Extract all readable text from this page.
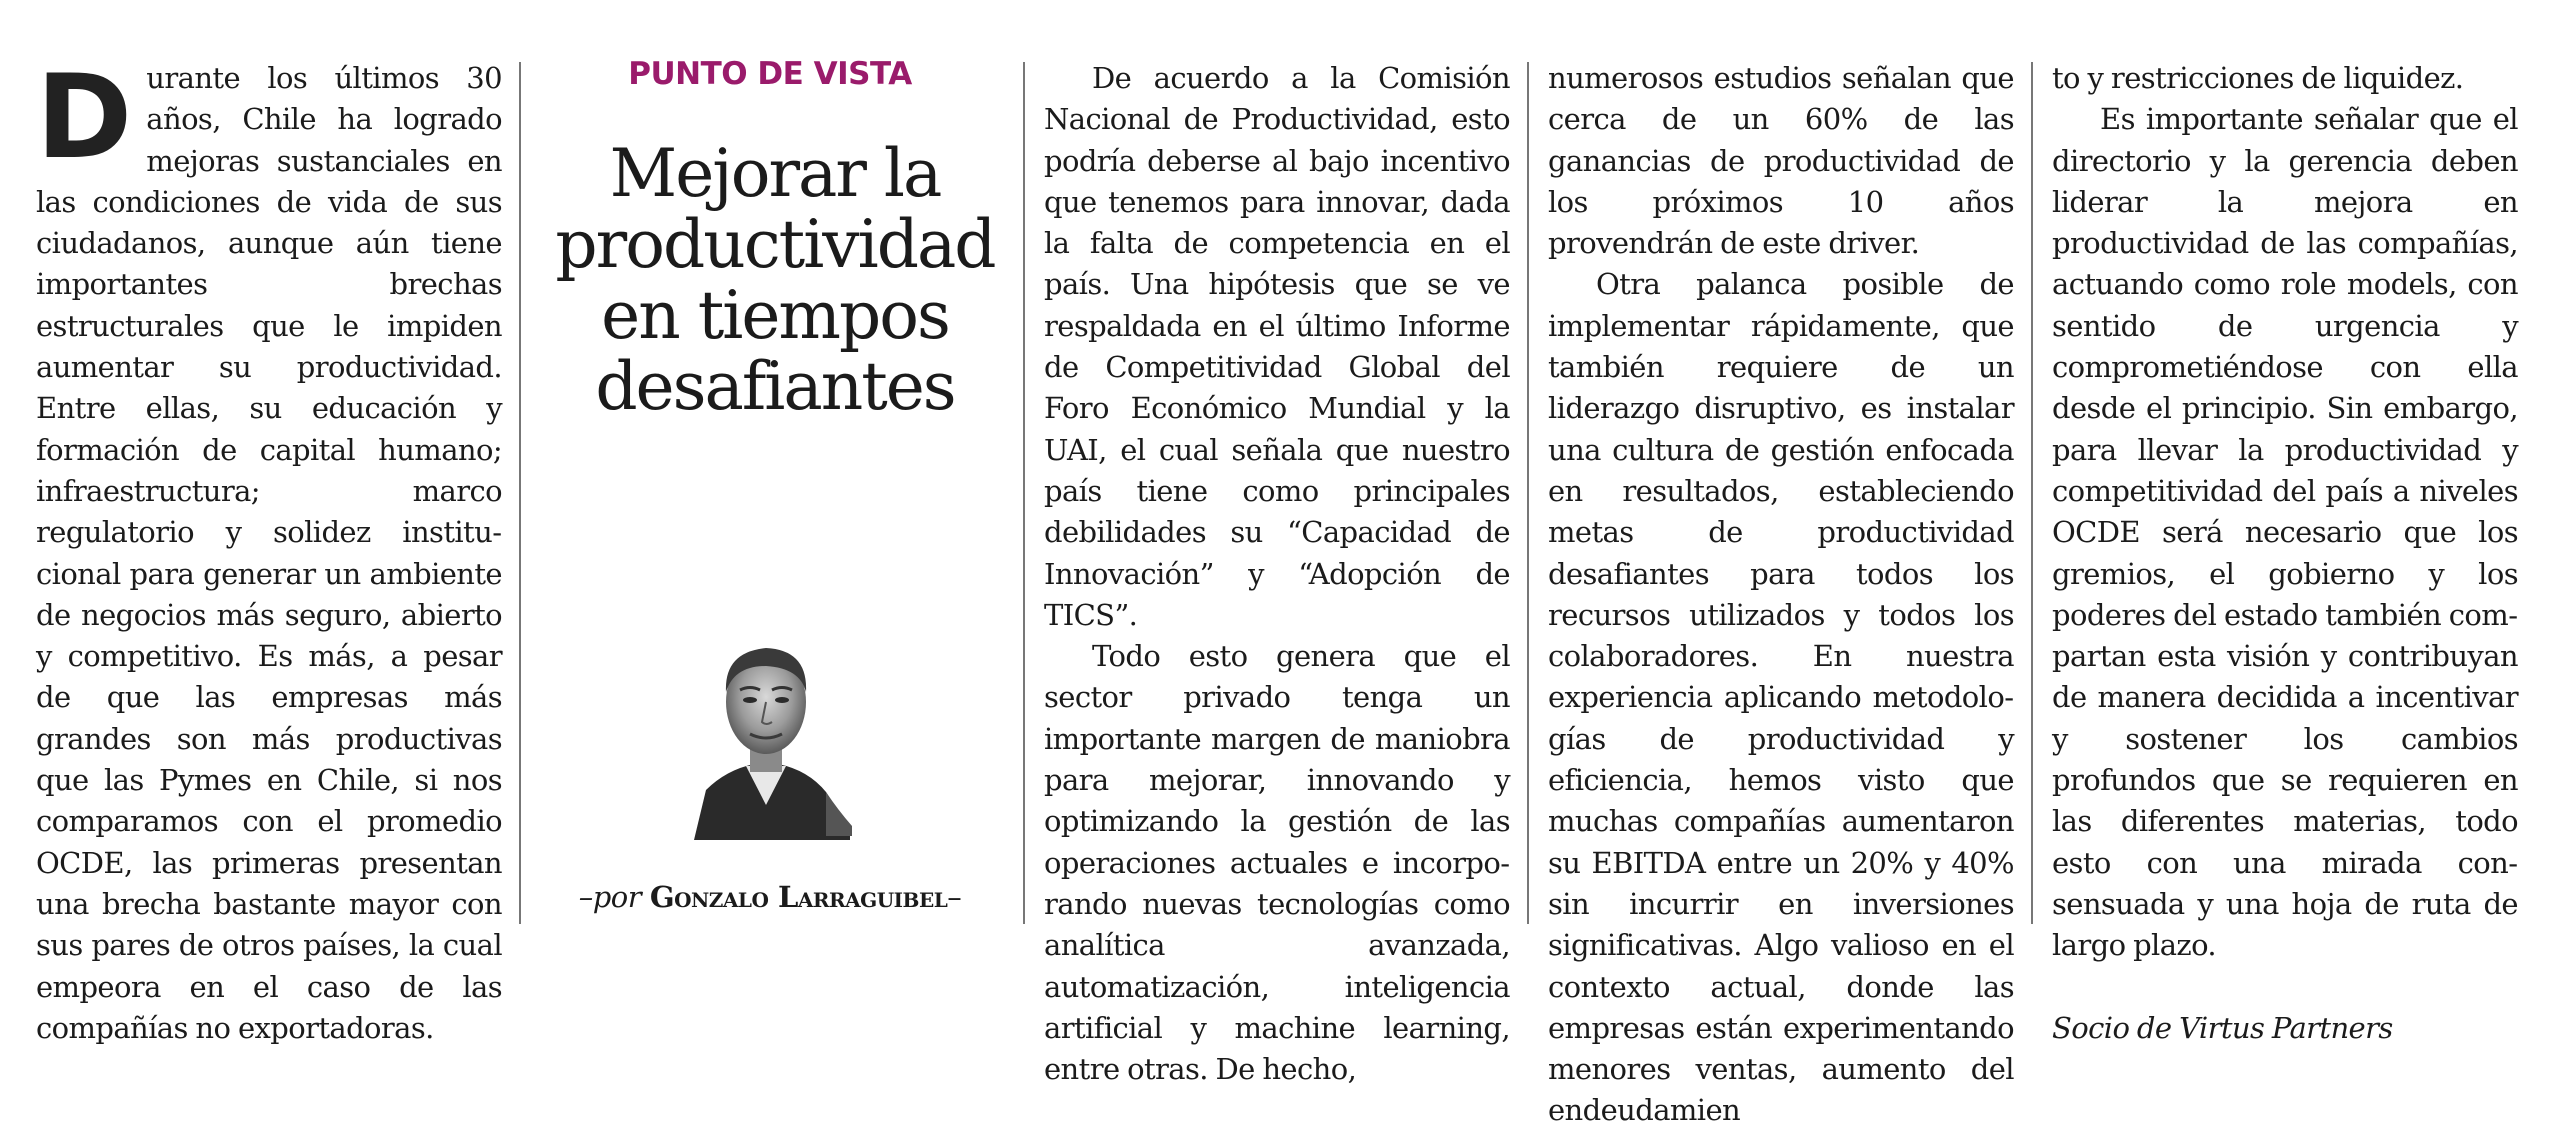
Durante los últimos 30 años, Chile ha logrado mejoras sustanciales en las condiciones de vida de sus ciudadanos, aunque aún tiene importantes brechas estructurales que le impiden aumentar su productividad. Entre ellas, su educación y formación de capital humano; infraestructura; marco regulatorio y solidez institucional para generar un ambiente de negocios más seguro, abierto y competitivo. Es más, a pesar de que las empresas más grandes son más productivas que las Pymes en Chile, si nos comparamos con el promedio OCDE, las primeras presentan una brecha bastante mayor con sus pares de otros países, la cual empeora en el caso de las compañías no exportadoras.

PUNTO DE VISTA
Mejorar la
productividad
en tiempos
desafiantes
–por Gonzalo Larraguibel–

De acuerdo a la Comisión Nacional de Productividad, esto podría deberse al bajo incentivo que tenemos para innovar, dada la falta de competencia en el país. Una hipótesis que se ve respaldada en el último Informe de Competitividad Global del Foro Económico Mundial y la UAI, el cual señala que nuestro país tiene como principales debilidades su “Capacidad de Innovación” y “Adopción de TICS”.

Todo esto genera que el sector privado tenga un importante margen de maniobra para mejorar, innovando y optimizando la gestión de las operaciones actuales e incorporando nuevas tecnologías como analítica avanzada, automatización, inteligencia artificial y machine learning, entre otras. De hecho,

numerosos estudios señalan que cerca de un 60% de las ganancias de productividad de los próximos 10 años provendrán de este driver.

Otra palanca posible de implementar rápidamente, que también requiere de un liderazgo disruptivo, es instalar una cultura de gestión enfocada en resultados, estableciendo metas de productividad desafiantes para todos los recursos utilizados y todos los colaboradores. En nuestra experiencia aplicando metodologías de productividad y eficiencia, hemos visto que muchas compañías aumentaron su EBITDA entre un 20% y 40% sin incurrir en inversiones significativas. Algo valioso en el contexto actual, donde las empresas están experimentando menores ventas, aumento del endeudamien

to y restricciones de liquidez.

Es importante señalar que el directorio y la gerencia deben liderar la mejora en productividad de las compañías, actuando como role models, con sentido de urgencia y comprometiéndose con ella desde el principio. Sin embargo, para llevar la productividad y competitividad del país a niveles OCDE será necesario que los gremios, el gobierno y los poderes del estado también compartan esta visión y contribuyan de manera decidida a incentivar y sostener los cambios profundos que se requieren en las diferentes materias, todo esto con una mirada consensuada y una hoja de ruta de largo plazo.

Socio de Virtus Partners
